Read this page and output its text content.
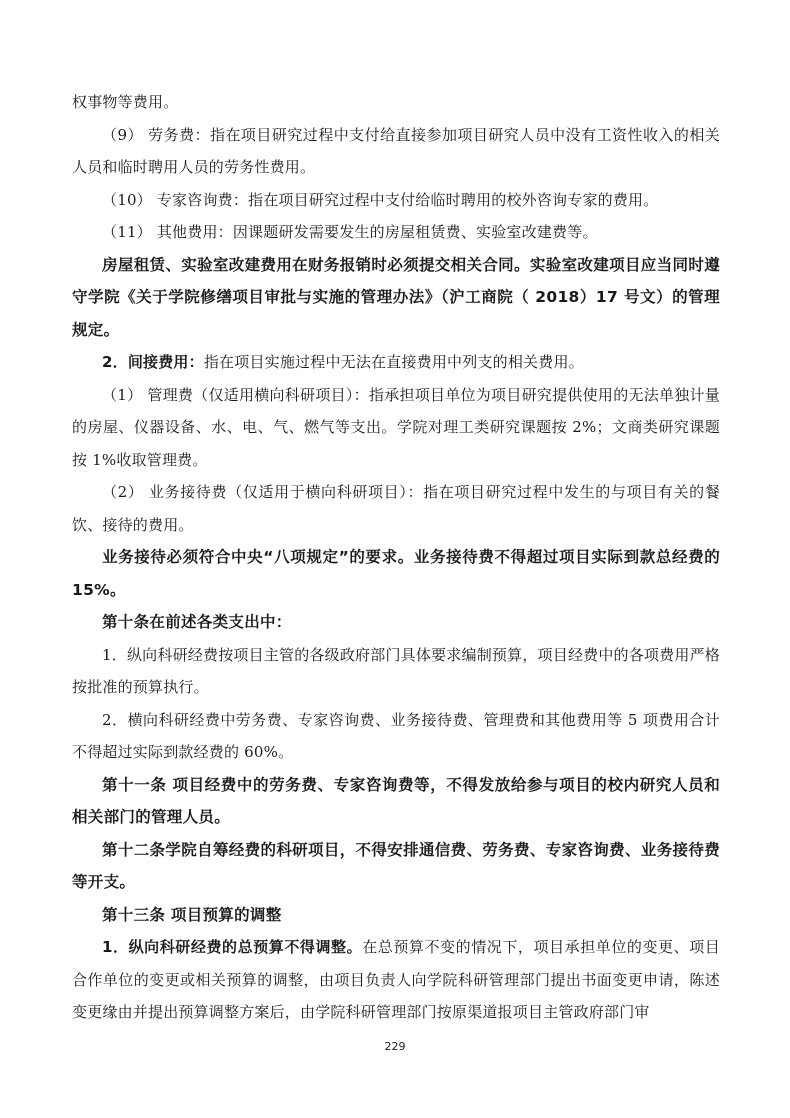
权事物等费用。

（9） 劳务费：指在项目研究过程中支付给直接参加项目研究人员中没有工资性收入的相关人员和临时聘用人员的劳务性费用。

（10） 专家咨询费：指在项目研究过程中支付给临时聘用的校外咨询专家的费用。

（11） 其他费用：因课题研发需要发生的房屋租赁费、实验室改建费等。

房屋租赁、实验室改建费用在财务报销时必须提交相关合同。实验室改建项目应当同时遵守学院《关于学院修缮项目审批与实施的管理办法》（沪工商院（ 2018）17 号文）的管理规定。

2．间接费用：指在项目实施过程中无法在直接费用中列支的相关费用。

（1） 管理费（仅适用横向科研项目）：指承担项目单位为项目研究提供使用的无法单独计量的房屋、仪器设备、水、电、气、燃气等支出。学院对理工类研究课题按 2%；文商类研究课题按 1%收取管理费。

（2） 业务接待费（仅适用于横向科研项目）：指在项目研究过程中发生的与项目有关的餐饮、接待的费用。

业务接待必须符合中央“八项规定”的要求。业务接待费不得超过项目实际到款总经费的 15%。

第十条在前述各类支出中：

1．纵向科研经费按项目主管的各级政府部门具体要求编制预算，项目经费中的各项费用严格按批准的预算执行。

2．横向科研经费中劳务费、专家咨询费、业务接待费、管理费和其他费用等 5 项费用合计不得超过实际到款经费的 60%。

第十一条 项目经费中的劳务费、专家咨询费等，不得发放给参与项目的校内研究人员和相关部门的管理人员。

第十二条学院自筹经费的科研项目，不得安排通信费、劳务费、专家咨询费、业务接待费等开支。

第十三条 项目预算的调整

1．纵向科研经费的总预算不得调整。在总预算不变的情况下，项目承担单位的变更、项目合作单位的变更或相关预算的调整，由项目负责人向学院科研管理部门提出书面变更申请，陈述变更缘由并提出预算调整方案后，由学院科研管理部门按原渠道报项目主管政府部门审

229
